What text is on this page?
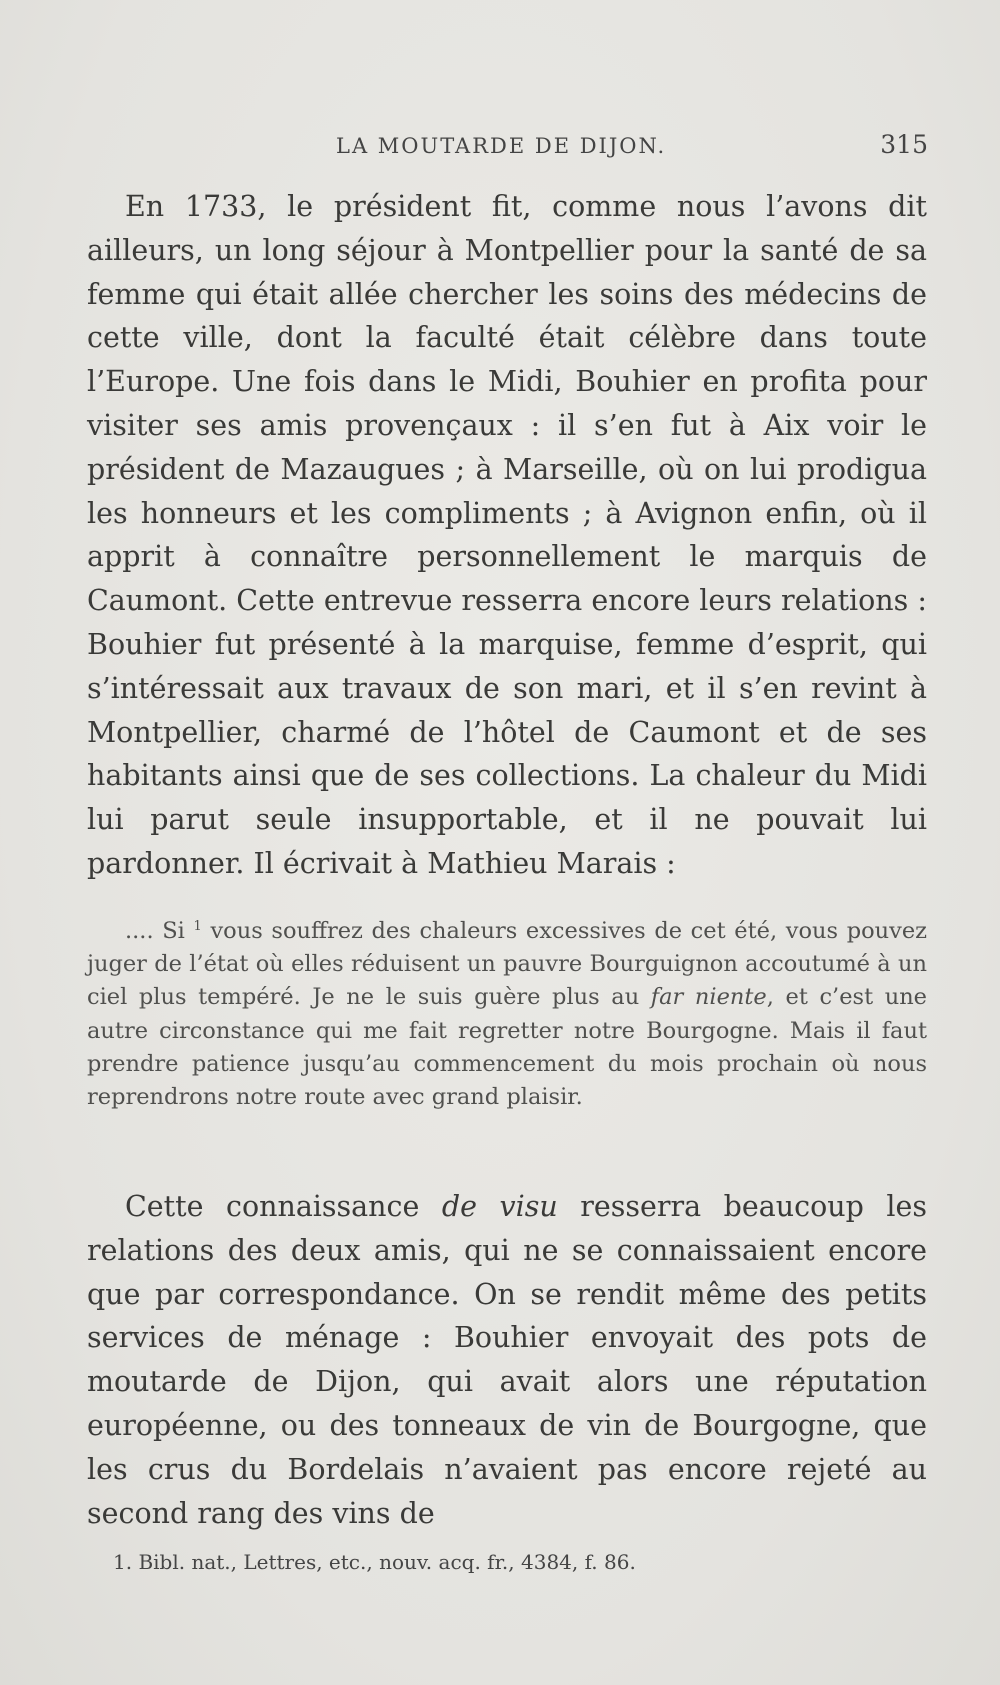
LA MOUTARDE DE DIJON.	315

En 1733, le président fit, comme nous l’avons dit ailleurs, un long séjour à Montpellier pour la santé de sa femme qui était allée chercher les soins des médecins de cette ville, dont la faculté était célèbre dans toute l’Europe. Une fois dans le Midi, Bouhier en profita pour visiter ses amis provençaux : il s’en fut à Aix voir le président de Mazaugues ; à Marseille, où on lui prodigua les honneurs et les compliments ; à Avignon enfin, où il apprit à connaître personnellement le marquis de Caumont. Cette entrevue resserra encore leurs relations : Bouhier fut présenté à la marquise, femme d’esprit, qui s’intéressait aux travaux de son mari, et il s’en revint à Montpellier, charmé de l’hôtel de Caumont et de ses habitants ainsi que de ses collections. La chaleur du Midi lui parut seule insupportable, et il ne pouvait lui pardonner. Il écrivait à Mathieu Marais :

.... Si $^1$ vous souffrez des chaleurs excessives de cet été, vous pouvez juger de l’état où elles réduisent un pauvre Bourguignon accoutumé à un ciel plus tempéré. Je ne le suis guère plus au far niente, et c’est une autre circonstance qui me fait regretter notre Bourgogne. Mais il faut prendre patience jusqu’au commencement du mois prochain où nous reprendrons notre route avec grand plaisir.

Cette connaissance de visu resserra beaucoup les relations des deux amis, qui ne se connaissaient encore que par correspondance. On se rendit même des petits services de ménage : Bouhier envoyait des pots de moutarde de Dijon, qui avait alors une réputation européenne, ou des tonneaux de vin de Bourgogne, que les crus du Bordelais n’avaient pas encore rejeté au second rang des vins de

1. Bibl. nat., Lettres, etc., nouv. acq. fr., 4384, f. 86.
